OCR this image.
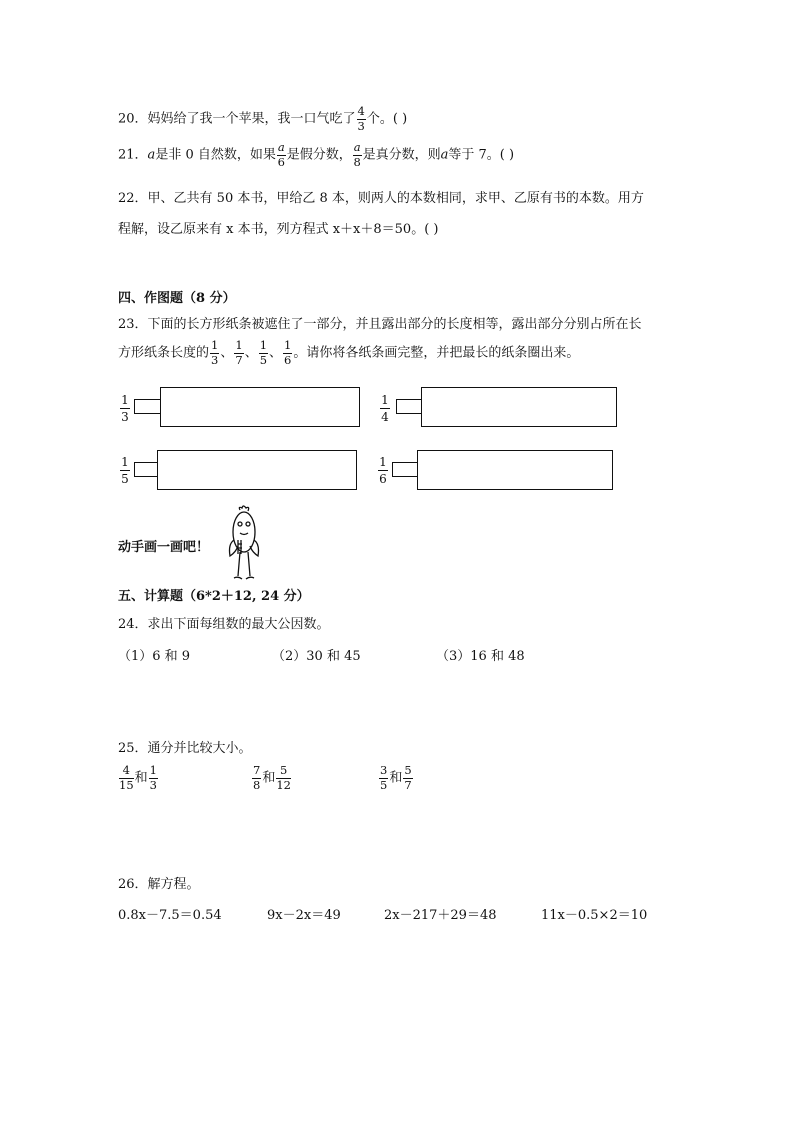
20．妈妈给了我一个苹果，我一口气吃了 $\frac{4}{3}$ 个。( )
21．a是非 0 自然数，如果 $\frac{a}{6}$ 是假分数， $\frac{a}{8}$ 是真分数，则a等于 7。( )
22．甲、乙共有 50 本书，甲给乙 8 本，则两人的本数相同，求甲、乙原有书的本数。用方
程解，设乙原来有 x 本书，列方程式 x＋x＋8＝50。( )
四、作图题（8 分）
23．下面的长方形纸条被遮住了一部分，并且露出部分的长度相等，露出部分分别占所在长
方形纸条长度的 $\frac{1}{3}$ 、 $\frac{1}{7}$ 、 $\frac{1}{5}$ 、 $\frac{1}{6}$ 。请你将各纸条画完整，并把最长的纸条圈出来。
1
3
1
4
1
5
1
6
动手画一画吧！
五、计算题（6*2＋12, 24 分）
24．求出下面每组数的最大公因数。
（1）6 和 9	（2）30 和 45	（3）16 和 48
25．通分并比较大小。
$\frac{4}{15}$ 和 $\frac{1}{3}$	$\frac{7}{8}$ 和 $\frac{5}{12}$	$\frac{3}{5}$ 和 $\frac{5}{7}$
26．解方程。
0.8x－7.5＝0.54	9x－2x＝49	2x－217＋29＝48	11x－0.5×2＝10
